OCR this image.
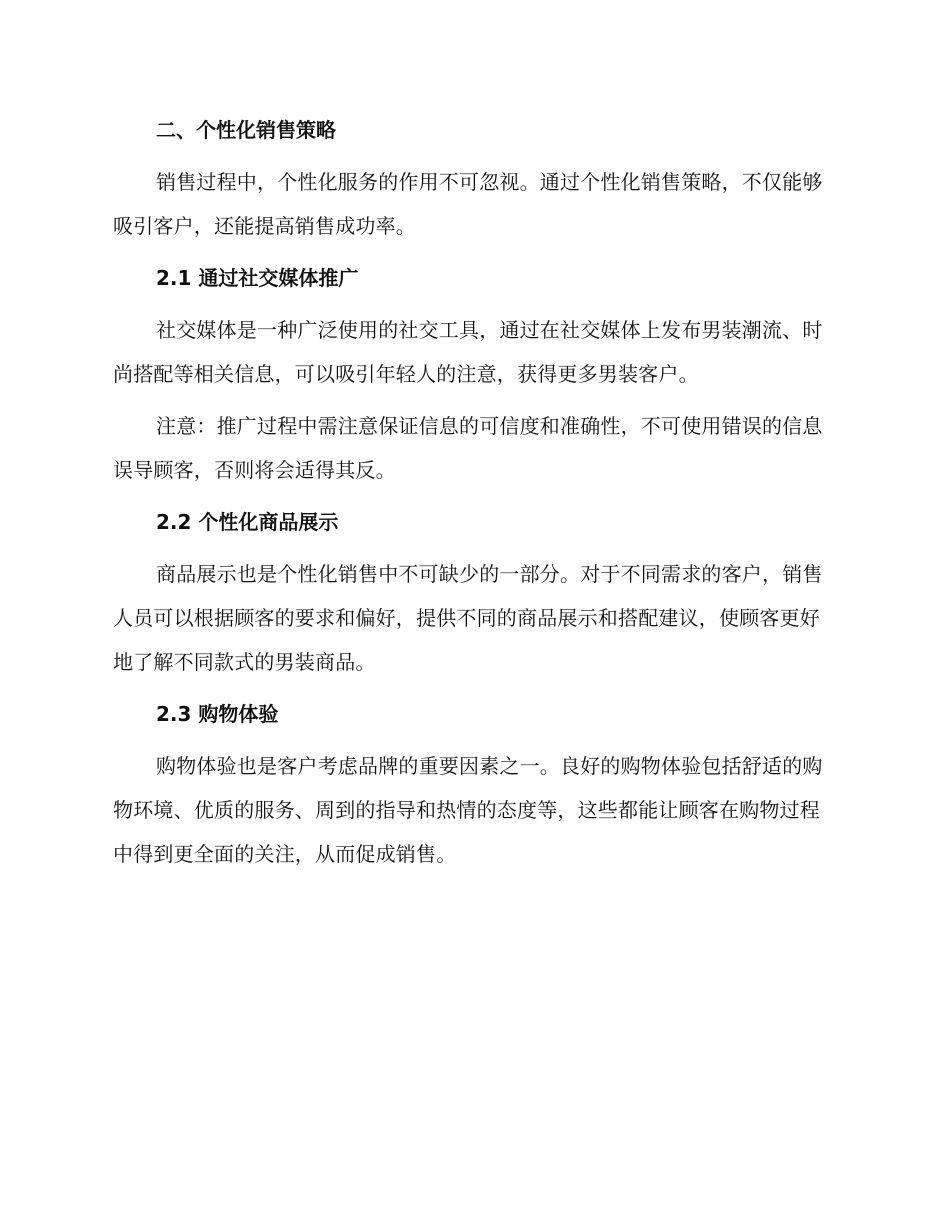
二、个性化销售策略

销售过程中，个性化服务的作用不可忽视。通过个性化销售策略，不仅能够吸引客户，还能提高销售成功率。

2.1 通过社交媒体推广

社交媒体是一种广泛使用的社交工具，通过在社交媒体上发布男装潮流、时尚搭配等相关信息，可以吸引年轻人的注意，获得更多男装客户。

注意：推广过程中需注意保证信息的可信度和准确性，不可使用错误的信息误导顾客，否则将会适得其反。

2.2 个性化商品展示

商品展示也是个性化销售中不可缺少的一部分。对于不同需求的客户，销售人员可以根据顾客的要求和偏好，提供不同的商品展示和搭配建议，使顾客更好地了解不同款式的男装商品。

2.3 购物体验

购物体验也是客户考虑品牌的重要因素之一。良好的购物体验包括舒适的购物环境、优质的服务、周到的指导和热情的态度等，这些都能让顾客在购物过程中得到更全面的关注，从而促成销售。
